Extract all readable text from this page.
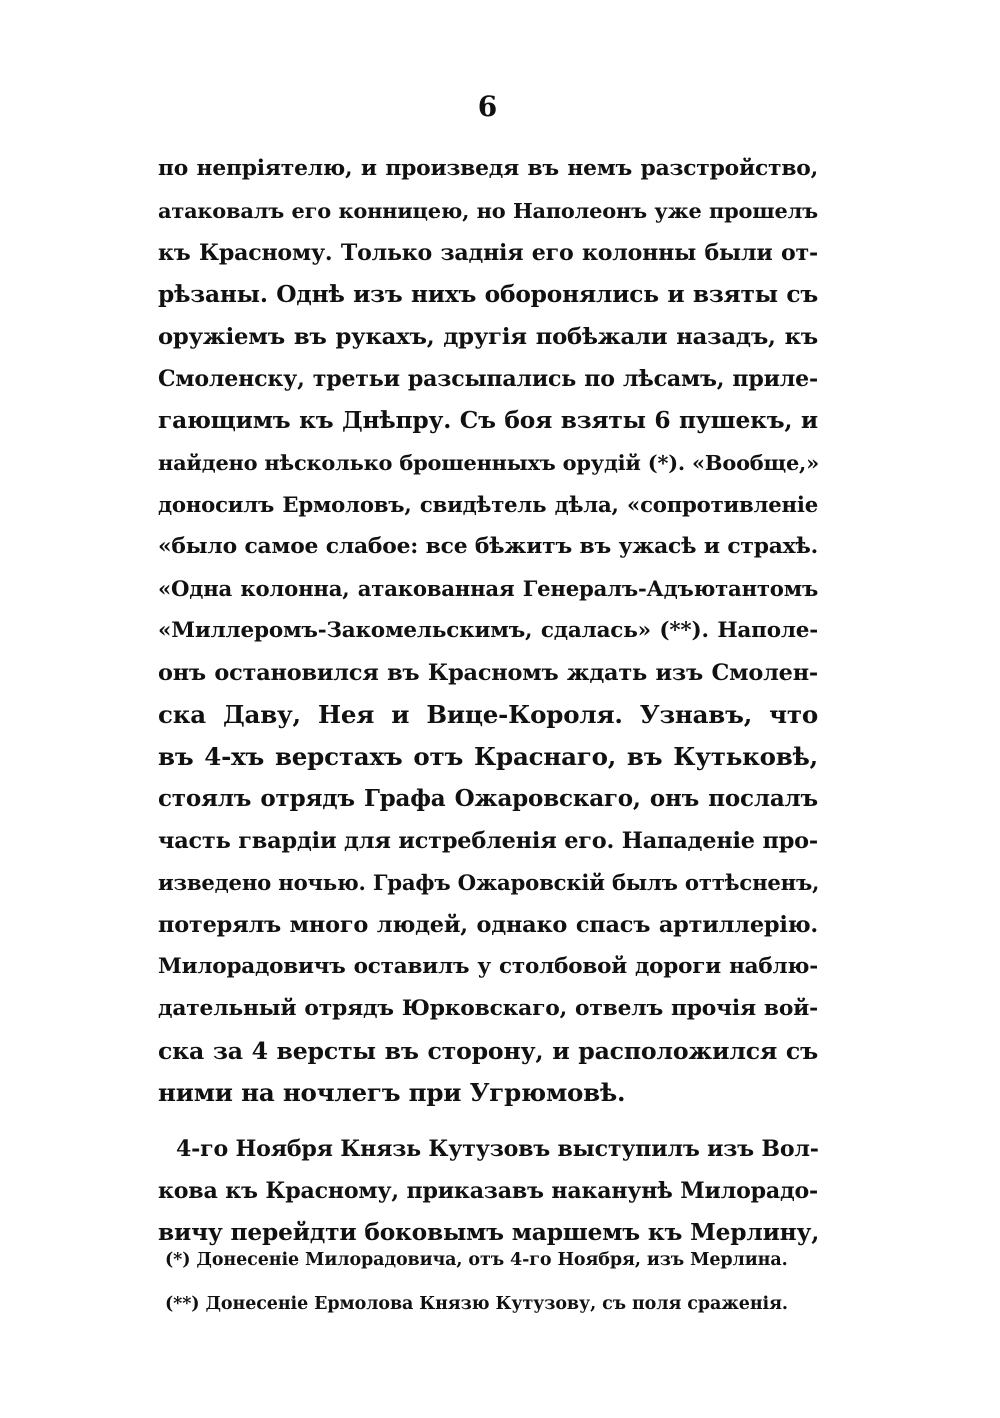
6
по непріятелю, и произведя въ немъ разстройство,
атаковалъ его конницею, но Наполеонъ уже прошелъ
къ Красному. Только заднія его колонны были от-
рѣзаны. Однѣ изъ нихъ оборонялись и взяты съ
оружіемъ въ рукахъ, другія побѣжали назадъ, къ
Смоленску, третьи разсыпались по лѣсамъ, приле-
гающимъ къ Днѣпру. Съ боя взяты 6 пушекъ, и
найдено нѣсколько брошенныхъ орудій (*). «Вообще,»
доносилъ Ермоловъ, свидѣтель дѣла, «сопротивленіе
«было самое слабое: все бѣжитъ въ ужасѣ и страхѣ.
«Одна колонна, атакованная Генералъ-Адъютантомъ
«Миллеромъ-Закомельскимъ, сдалась» (**). Наполе-
онъ остановился въ Красномъ ждать изъ Смолен-
ска Даву, Нея и Вице-Короля. Узнавъ, что
въ 4-хъ верстахъ отъ Краснаго, въ Кутьковѣ,
стоялъ отрядъ Графа Ожаровскаго, онъ послалъ
часть гвардіи для истребленія его. Нападеніе про-
изведено ночью. Графъ Ожаровскій былъ оттѣсненъ,
потерялъ много людей, однако спасъ артиллерію.
Милорадовичъ оставилъ у столбовой дороги наблю-
дательный отрядъ Юрковскаго, отвелъ прочія вой-
ска за 4 версты въ сторону, и расположился съ
ними на ночлегъ при Угрюмовѣ.
4-го Ноября Князь Кутузовъ выступилъ изъ Вол-
кова къ Красному, приказавъ наканунѣ Милорадо-
вичу перейдти боковымъ маршемъ къ Мерлину,
(*) Донесеніе Милорадовича, отъ 4-го Ноября, изъ Мерлина.
(**) Донесеніе Ермолова Князю Кутузову, съ поля сраженія.
